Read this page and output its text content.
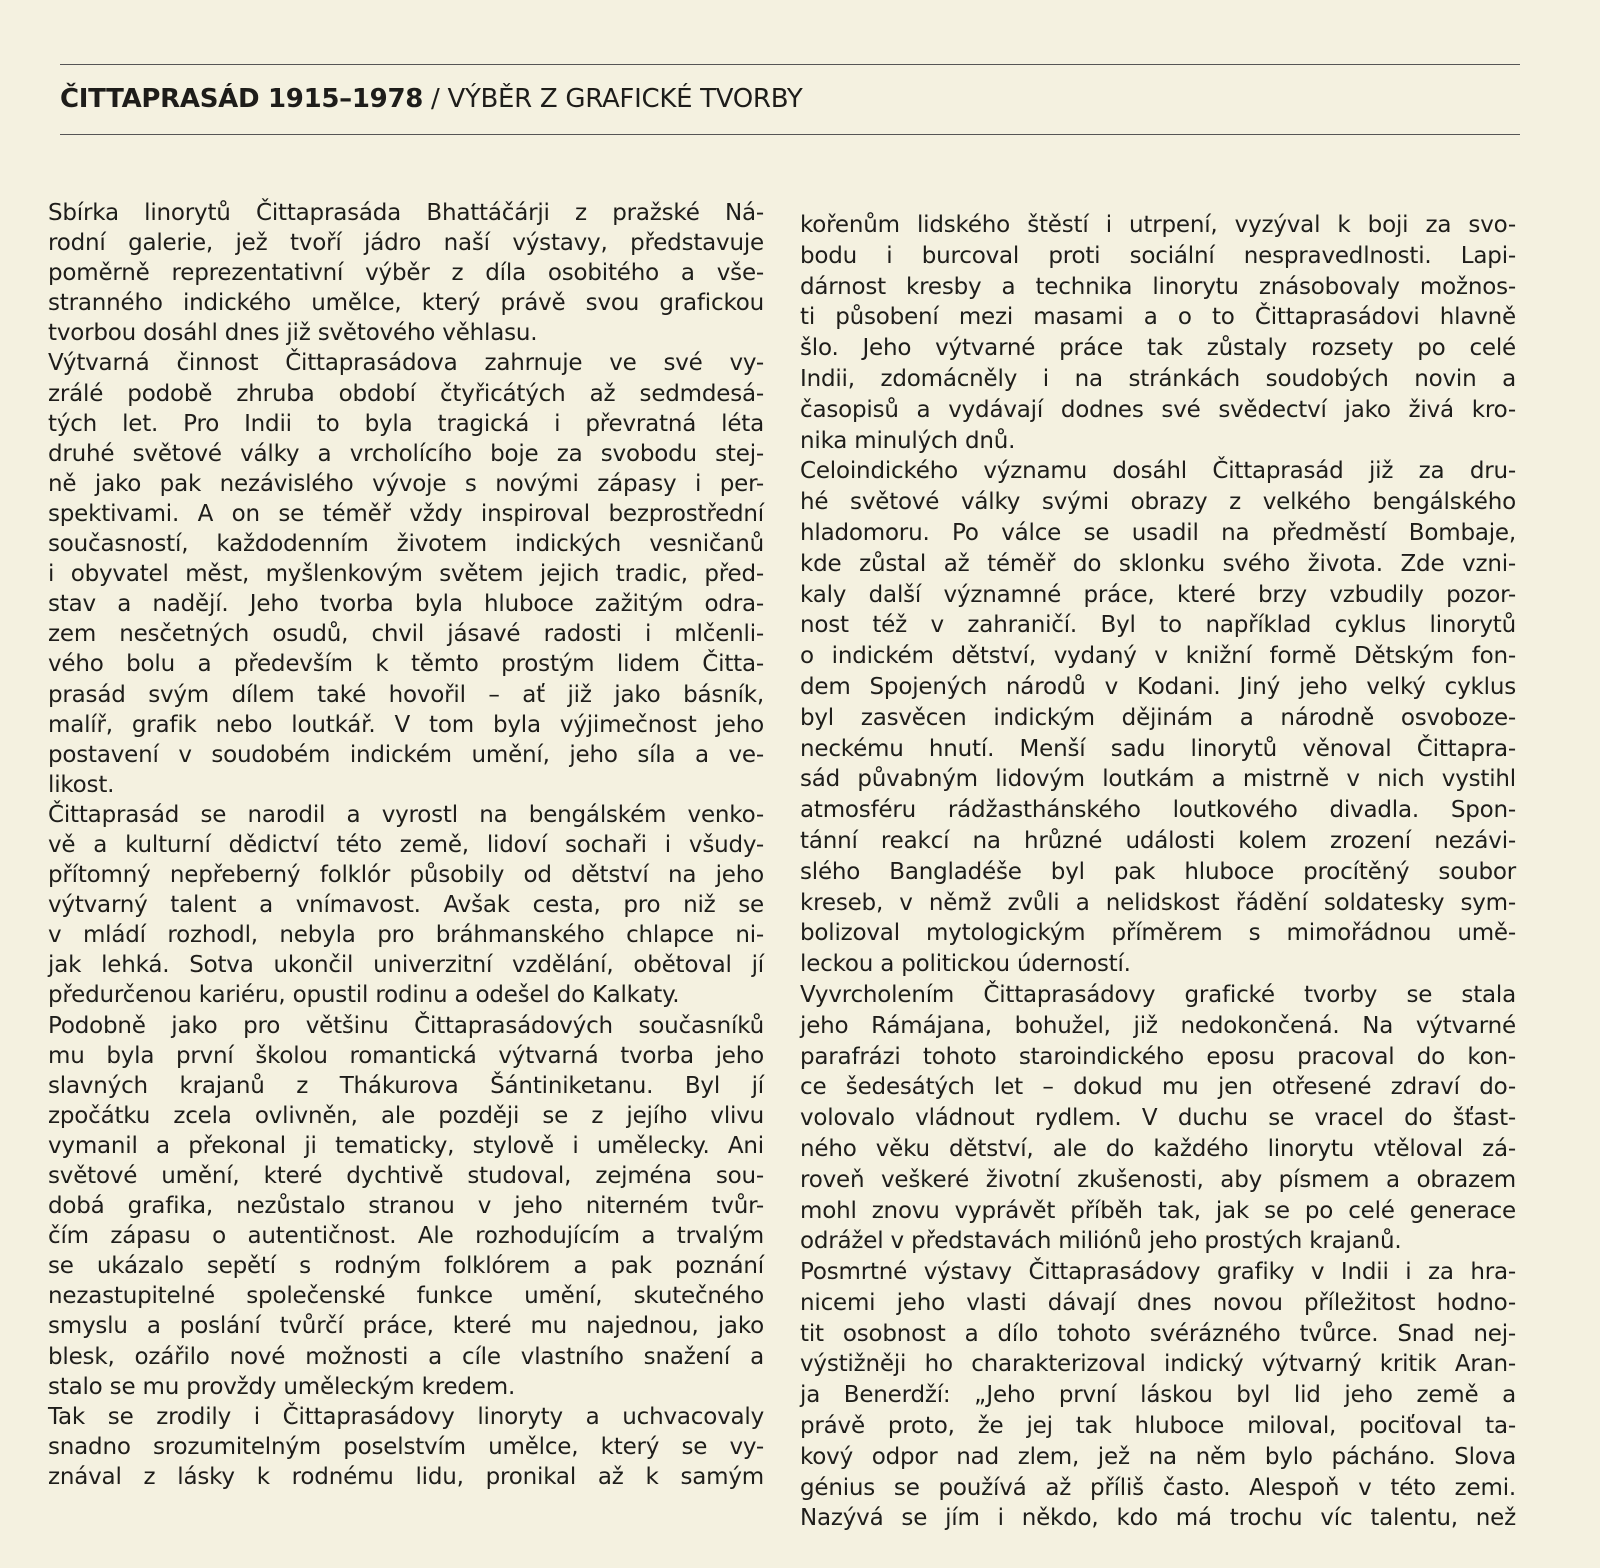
ČITTAPRASÁD 1915–1978 / VÝBĚR Z GRAFICKÉ TVORBY
Sbírka linorytů Čittaprasáda Bhattáčárji z pražské Ná-
rodní galerie, jež tvoří jádro naší výstavy, představuje
poměrně reprezentativní výběr z díla osobitého a vše-
stranného indického umělce, který právě svou grafickou
tvorbou dosáhl dnes již světového věhlasu.
Výtvarná činnost Čittaprasádova zahrnuje ve své vy-
zrálé podobě zhruba období čtyřicátých až sedmdesá-
tých let. Pro Indii to byla tragická i převratná léta
druhé světové války a vrcholícího boje za svobodu stej-
ně jako pak nezávislého vývoje s novými zápasy i per-
spektivami. A on se téměř vždy inspiroval bezprostřední
současností, každodenním životem indických vesničanů
i obyvatel měst, myšlenkovým světem jejich tradic, před-
stav a nadějí. Jeho tvorba byla hluboce zažitým odra-
zem nesčetných osudů, chvil jásavé radosti i mlčenli-
vého bolu a především k těmto prostým lidem Čitta-
prasád svým dílem také hovořil – ať již jako básník,
malíř, grafik nebo loutkář. V tom byla výjimečnost jeho
postavení v soudobém indickém umění, jeho síla a ve-
likost.
Čittaprasád se narodil a vyrostl na bengálském venko-
vě a kulturní dědictví této země, lidoví sochaři i všudy-
přítomný nepřeberný folklór působily od dětství na jeho
výtvarný talent a vnímavost. Avšak cesta, pro niž se
v mládí rozhodl, nebyla pro bráhmanského chlapce ni-
jak lehká. Sotva ukončil univerzitní vzdělání, obětoval jí
předurčenou kariéru, opustil rodinu a odešel do Kalkaty.
Podobně jako pro většinu Čittaprasádových současníků
mu byla první školou romantická výtvarná tvorba jeho
slavných krajanů z Thákurova Šántiniketanu. Byl jí
zpočátku zcela ovlivněn, ale později se z jejího vlivu
vymanil a překonal ji tematicky, stylově i umělecky. Ani
světové umění, které dychtivě studoval, zejména sou-
dobá grafika, nezůstalo stranou v jeho niterném tvůr-
čím zápasu o autentičnost. Ale rozhodujícím a trvalým
se ukázalo sepětí s rodným folklórem a pak poznání
nezastupitelné společenské funkce umění, skutečného
smyslu a poslání tvůrčí práce, které mu najednou, jako
blesk, ozářilo nové možnosti a cíle vlastního snažení a
stalo se mu provždy uměleckým kredem.
Tak se zrodily i Čittaprasádovy linoryty a uchvacovaly
snadno srozumitelným poselstvím umělce, který se vy-
znával z lásky k rodnému lidu, pronikal až k samým
kořenům lidského štěstí i utrpení, vyzýval k boji za svo-
bodu i burcoval proti sociální nespravedlnosti. Lapi-
dárnost kresby a technika linorytu znásobovaly možnos-
ti působení mezi masami a o to Čittaprasádovi hlavně
šlo. Jeho výtvarné práce tak zůstaly rozsety po celé
Indii, zdomácněly i na stránkách soudobých novin a
časopisů a vydávají dodnes své svědectví jako živá kro-
nika minulých dnů.
Celoindického významu dosáhl Čittaprasád již za dru-
hé světové války svými obrazy z velkého bengálského
hladomoru. Po válce se usadil na předměstí Bombaje,
kde zůstal až téměř do sklonku svého života. Zde vzni-
kaly další významné práce, které brzy vzbudily pozor-
nost též v zahraničí. Byl to například cyklus linorytů
o indickém dětství, vydaný v knižní formě Dětským fon-
dem Spojených národů v Kodani. Jiný jeho velký cyklus
byl zasvěcen indickým dějinám a národně osvoboze-
neckému hnutí. Menší sadu linorytů věnoval Čittapra-
sád půvabným lidovým loutkám a mistrně v nich vystihl
atmosféru rádžasthánského loutkového divadla. Spon-
tánní reakcí na hrůzné události kolem zrození nezávi-
slého Bangladéše byl pak hluboce procítěný soubor
kreseb, v němž zvůli a nelidskost řádění soldatesky sym-
bolizoval mytologickým příměrem s mimořádnou umě-
leckou a politickou úderností.
Vyvrcholením Čittaprasádovy grafické tvorby se stala
jeho Rámájana, bohužel, již nedokončená. Na výtvarné
parafrázi tohoto staroindického eposu pracoval do kon-
ce šedesátých let – dokud mu jen otřesené zdraví do-
volovalo vládnout rydlem. V duchu se vracel do šťast-
ného věku dětství, ale do každého linorytu vtěloval zá-
roveň veškeré životní zkušenosti, aby písmem a obrazem
mohl znovu vyprávět příběh tak, jak se po celé generace
odrážel v představách miliónů jeho prostých krajanů.
Posmrtné výstavy Čittaprasádovy grafiky v Indii i za hra-
nicemi jeho vlasti dávají dnes novou příležitost hodno-
tit osobnost a dílo tohoto svérázného tvůrce. Snad nej-
výstižněji ho charakterizoval indický výtvarný kritik Aran-
ja Benerdží: „Jeho první láskou byl lid jeho země a
právě proto, že jej tak hluboce miloval, pociťoval ta-
kový odpor nad zlem, jež na něm bylo pácháno. Slova
génius se používá až příliš často. Alespoň v této zemi.
Nazývá se jím i někdo, kdo má trochu víc talentu, než
